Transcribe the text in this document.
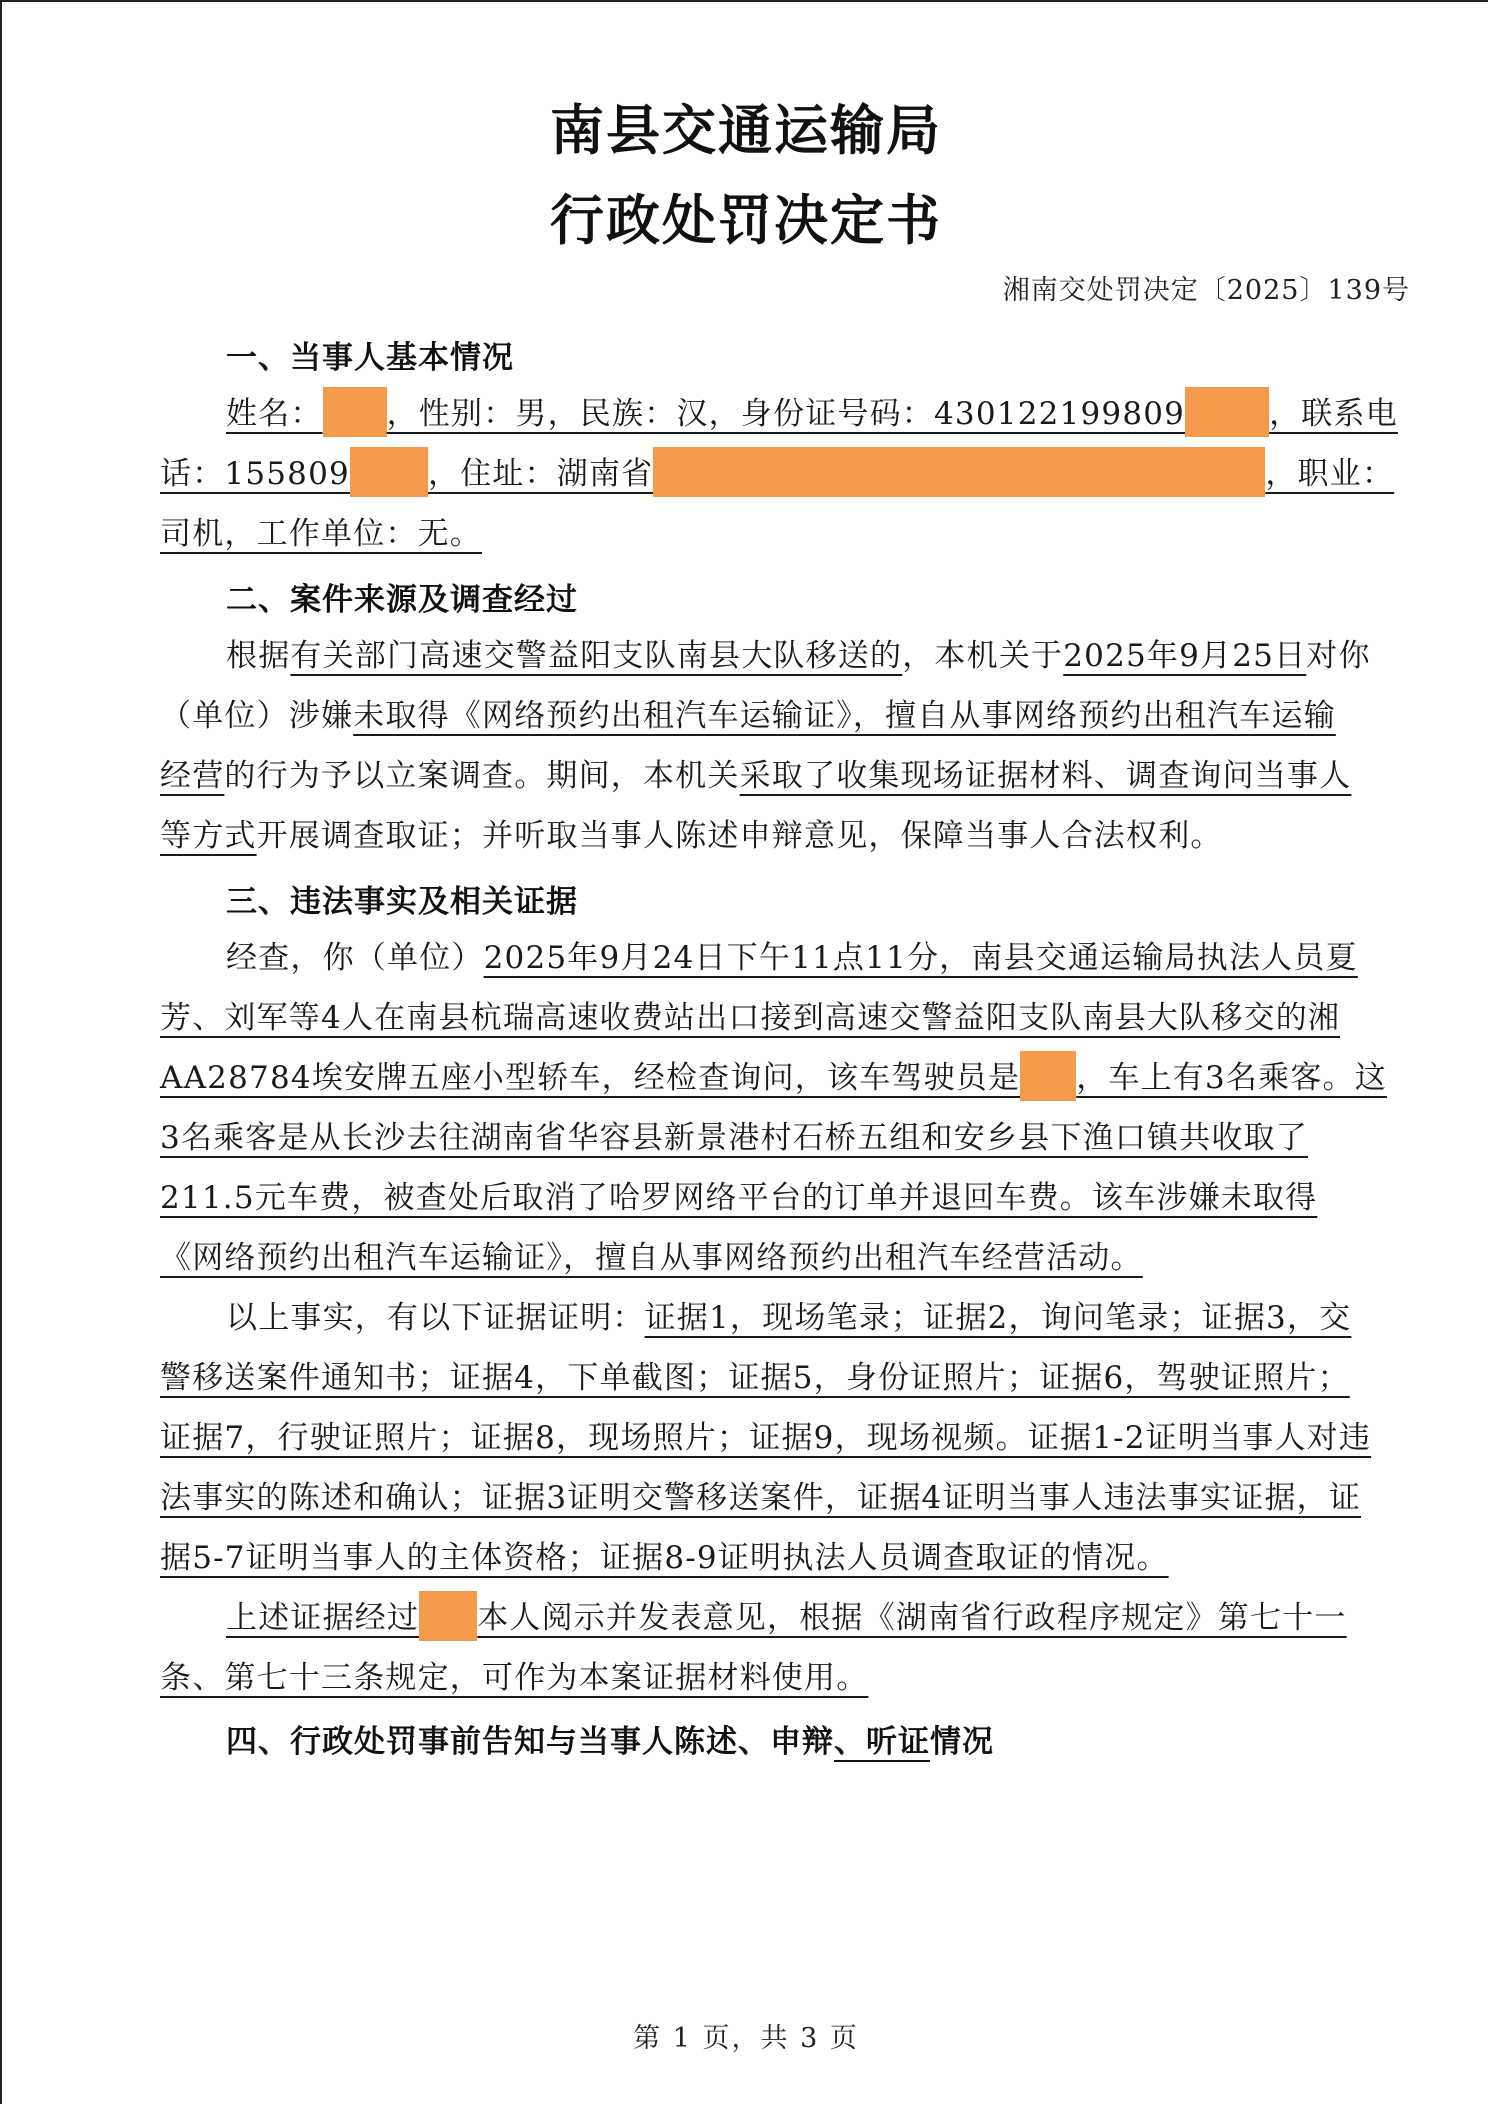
南县交通运输局
行政处罚决定书
湘南交处罚决定〔2025〕139号
一、当事人基本情况
姓名： ，性别：男，民族：汉，身份证号码：430122199809	，联系电
话：155809	，住址：湖南省	，职业：
司机，工作单位：无。
二、案件来源及调查经过
根据有关部门高速交警益阳支队南县大队移送的，本机关于2025年9月25日对你
（单位）涉嫌未取得《网络预约出租汽车运输证》，擅自从事网络预约出租汽车运输
经营的行为予以立案调查。期间，本机关采取了收集现场证据材料、调查询问当事人
等方式开展调查取证；并听取当事人陈述申辩意见，保障当事人合法权利。
三、违法事实及相关证据
经查，你（单位）2025年9月24日下午11点11分，南县交通运输局执法人员夏
芳、刘军等4人在南县杭瑞高速收费站出口接到高速交警益阳支队南县大队移交的湘
AA28784埃安牌五座小型轿车，经检查询问，该车驾驶员是 ，车上有3名乘客。这
3名乘客是从长沙去往湖南省华容县新景港村石桥五组和安乡县下渔口镇共收取了
211.5元车费，被查处后取消了哈罗网络平台的订单并退回车费。该车涉嫌未取得
《网络预约出租汽车运输证》，擅自从事网络预约出租汽车经营活动。
以上事实，有以下证据证明：证据1，现场笔录；证据2，询问笔录；证据3，交
警移送案件通知书；证据4，下单截图；证据5，身份证照片；证据6，驾驶证照片；
证据7，行驶证照片；证据8，现场照片；证据9，现场视频。证据1-2证明当事人对违
法事实的陈述和确认；证据3证明交警移送案件，证据4证明当事人违法事实证据，证
据5-7证明当事人的主体资格；证据8-9证明执法人员调查取证的情况。
上述证据经过 本人阅示并发表意见，根据《湖南省行政程序规定》第七十一
条、第七十三条规定，可作为本案证据材料使用。
四、行政处罚事前告知与当事人陈述、申辩、听证情况
第 1 页，共 3 页
